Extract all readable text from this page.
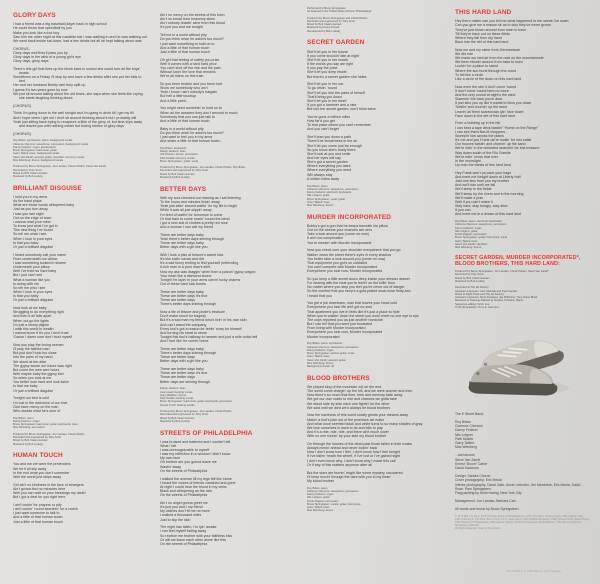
GLORY DAYS
I had a friend was a big baseball player back in high school
He could throw that speedball by you
Make you look like a fool boy
Saw him the other night at this roadside bar I was walking in and he was walking out
We went back inside sat down, had a few drinks but all he kept talking about was
CHORUS:
Glory days well they'll pass you by
Glory days in the wink of a young girl's eye
Glory days, glory days
There's this girl that lives up the block back in school she could turn all the boys' heads
Sometimes on a Friday I'll stop by and have a few drinks after she put her kids to bed
Her and her husband Bobby well they split up
I guess it's two years gone by now
We just sit around talking about the old times, she says when she feels like crying she starts laughing thinking about
(CHORUS)
Think I'm going down to the well tonight and I'm going to drink till I get my fill
And I hope when I get old I don't sit around thinking about it but I probably will
Yeah just sitting back trying to recapture a little of the glory of, but time slips away and leaves you with nothing mister but boring stories of glory days
(CHORUS)
Roy Bittan: synthesizer, piano, background vocals
Clarence Clemons: saxophone, percussion, background vocals
Danny Federici: organ, glockenspiel
Bruce Springsteen: lead vocal, guitar
Garry Tallent: bass, background vocals
Steve Van Zandt: acoustic guitar, mandolin, harmony vocals
Max Weinberg: drums, background vocals
Produced by Bruce Springsteen, Jon Landau, Chuck Plotkin, Steve Van Zandt
Recorded by Toby Scott
Mixed by Bob Clearmountain
Mastered by Bob Ludwig
BRILLIANT DISGUISE
I hold you in my arms
As the band plays
What are those words whispered baby
Just as you turn away
I saw you last night
Out on the edge of town
I wanna read your mind
To know just what I've got in
This new thing I've found
So tell me what I see
When I look in your eyes
Is that you baby
Or just a brilliant disguise
I heard somebody call your name
From underneath our willow
I saw something tucked in shame
Underneath your pillow
Well I've tried so hard baby
But I just can't see
What a woman like you
Is doing with me
So tell me who I see
When I look in your eyes
Is that you baby
Or just a brilliant disguise
Now look at me baby
Struggling to do everything right
And then it all falls apart
When out go the lights
I'm just a lonely pilgrim
I walk this world in wealth
I wanna know if it's you I don't trust
'Cause I damn sure don't trust myself
Now you play the loving woman
I'll play the faithful man
But just don't look too close
Into the palm of my hand
We stood at the altar
The gypsy swore our future was right
But come the wee wee hours
Well maybe baby the gypsy lied
So when you look at me
You better look hard and look twice
Is that me baby
Or just a brilliant disguise
Tonight our bed is cold
I'm lost in the darkness of our love
God have mercy on the man
Who doubts what he's sure of
Roy Bittan: piano
Danny Federici: organ
Bruce Springsteen: lead vocal, guitar, keyboards, bass
Max Weinberg: percussion
Produced by Bruce Springsteen, Jon Landau, Chuck Plotkin
Recorded and engineered by Toby Scott
Mixed by Bob Clearmountain
Mastered by Bob Ludwig
HUMAN TOUCH
You and me we were the pretenders
We let it all slip away
In the end what you don't surrender
Well the world just strips away
Girl ain't no kindness in the face of strangers
Ain't gonna find no miracles here
Well you can wait on your blessings my darlin'
But I got a deal for you right here
I ain't lookin' for prayers or pity
I ain't comin' 'round searchin' for a crutch
I just want someone to talk to
And a little of that human touch
Just a little of that human touch
Ain't no mercy on the streets of this town
Ain't no bread from heavenly skies
Ain't nobody drawin' wine from this blood
It's just you and me tonight
Tell me in a world without pity
Do you think what I'm askin's too much?
I just want something to hold on to
And a little of that human touch
Just a little of that human touch
Oh girl that feeling of safety you prize
Well it comes with a hard hard price
You can't shut off the risk and the pain
Without losin' the love that remains
We're all riders on this train
So you been broken and you been hurt
Show me somebody who ain't
Yeah I know I ain't nobody's bargain
But hell a little touchup
And a little paint...
You might need somethin' to hold on to
When all the answers they don't amount to much
Somebody that you can just talk to
And a little of that human touch
Baby in a world without pity
Do you think what I'm askin's too much?
I just want to feel you in my arms
And share a little of that human touch...
Roy Bittan: keyboards
Randy Jackson: bass
Jeff Porcaro: drums, percussion
Patti Scialfa: harmony vocals
Bruce Springsteen: guitar, vocal
Produced by Bruce Springsteen, Jon Landau, Chuck Plotkin, Roy Bittan
Recorded and engineered by Toby Scott
Mixed by Bob Clearmountain
Mastered by Bob Ludwig
BETTER DAYS
Well my soul checked out missing as I sat listening
To the hours and minutes tickin' away
Yeah just sittin' around waitin' for my life to begin
While it was all just slippin' away
I'm tired of waitin' for tomorrow to come
Or that train to come roarin' 'round the bend
I got a new suit of clothes a pretty red rose
And a woman I can call my friend
These are better days baby
Yeah there's better days shining through
These are better days baby
Better days with a girl like you
Well I took a piss at fortune's sweet kiss
It's like eatin' caviar and dirt
It's a sad funny ending to find yourself pretending
A rich man in a poor man's shirt
Now my ass was draggin' when from a passin' gypsy wagon
Your heart like a diamond shone
Tonight I'm layin' in your arms carvin' lucky charms
Out of these hard luck bones
These are better days baby
These are better days it's true
These are better days
There's better days shining through
Now a life of leisure and pirate's treasure
Don't make much for tragedy
But it's a sad man my friend who's livin' in his own skin
And can't stand the company
Every fool's got a reason for feelin' sorry for himself
And turning his heart to stone
Tonight this fool's halfway to heaven and just a mile outta hell
And I feel like I'm comin' home
These are better days baby
There's better days shining through
These are better days
Better days with a girl like you
These are better days baby
These are better days it's true
These are better days
Better days are shining through
Randy Jackson: bass
Lisa Lowell: backing vocals
Gary Mallaber: drums
Patti Scialfa: backing vocals
Bruce Springsteen: lead vocal, guitar, keyboards, percussion
Soozie Tyrell: backing vocals
Produced by Bruce Springsteen, Jon Landau, Chuck Plotkin
Recorded and engineered by Toby Scott
Mixed by Bob Clearmountain
Mastered by Bob Ludwig
STREETS OF PHILADELPHIA
I was bruised and battered and I couldn't tell
What I felt
I was unrecognizable to myself
I saw my reflection in a window I didn't know
My own face
Oh brother are you gonna leave me
Wastin' away
On the streets of Philadelphia
I walked the avenue till my legs felt like stone
I heard the voices of friends vanished and gone
At night I could hear the blood in my veins
Black and whispering as the rain
On the streets of Philadelphia
Ain't no angel gonna greet me
It's just you and I my friend
My clothes don't fit me no more
I walked a thousand miles
Just to slip the skin
The night has fallen, I'm lyin' awake
I can feel myself fading away
So receive me brother with your faithless kiss
Or will we leave each other alone like this
On the streets of Philadelphia
Performed by Bruce Springsteen
As featured in the TriStar Motion Picture "Philadelphia"
Produced by Bruce Springsteen and Chuck Plotkin
Recorded and engineered by Toby Scott
Mixed by Bob Clearmountain
Mastered by Denny Purcell
Remastered by Bob Ludwig
SECRET GARDEN
She'll let you in her house
If you come knockin' late at night
She'll let you in her mouth
If the words you say are right
If you pay the price
She'll let you deep inside
But there's a secret garden she hides
She'll let you in her car
To go drivin' 'round
She'll let you into the parts of herself
That'll bring you down
She'll let you in her heart
If you got a hammer and a vise
But into her secret garden, don't think twice
You've gone a million miles
How far'd you get
To that place where you can't remember
And you can't forget
She'll lead you down a path
There'll be tenderness in the air
She'll let you come just far enough
So you know she's really there
She'll look at you and smile
And her eyes will say
She's got a secret garden
Where everything you want
Where everything you need
Will always stay
A million miles away
Roy Bittan: piano
Clarence Clemons: saxophone, percussion
Danny Federici: electronic keyboards
Nils Lofgren: guitar
Bruce Springsteen: vocal, guitar
Garry Tallent: bass
Max Weinberg: drums
MURDER INCORPORATED
Bobby's got a gun that he keeps beneath his pillow
Out on the streets your chances are zero
Take a look around you (come on now)
It ain't too complicated
You're messin' with Murder Incorporated
Now you check over your shoulder everywhere that you go
Walkin' down the street there's eyes in every shadow
You better take a look around you (come on now)
That equipment you got's so outdated
You can't compete with Murder Incorporated
Everywhere you look now, Murder Incorporated
So you keep a little secret down deep inside your dresser drawer
For dealing with the heat you're feelin' on the killin' floor
No matter where you step you feel you're never out of danger
So the comfort that you keep's a gold-plated snub-nose thirty-two
I heard that you
You got a job downtown, man that leaves your head cold
Everywhere you look life ain't got no soul
That apartment you live in feels like it's just a place to hide
When you're walkin' down the street you won't meet no one eye to eye
The cops reported you as just another homicide
But I can tell that you were just frustrated
From living with Murder Incorporated
Everywhere you look now, Murder Incorporated
Murder Incorporated
Roy Bittan: piano, synthesizer
Clarence Clemons: saxophone, percussion
Danny Federici: organ
Bruce Springsteen: electric guitar, vocal
Garry Tallent: bass
Steve Van Zandt: acoustic guitar
Max Weinberg: drums
Background vocals: all
BLOOD BROTHERS
We played king of the mountain out on the end
The world come chargin' up the hill, and we were women and men
Now there's so much that time, time and memory fade away
We got our own roads to ride and chances we gotta take
We stood side by side each one fightin' for the other
We said until we died we'd always be blood brothers
Now the hardness of this world slowly grinds your dreams away
Makin' a fool's joke out of the promises we make
And what once seemed black and white turns to so many shades of gray
We lose ourselves in work to do and bills to pay
And it's a ride, ride, ride, and there ain't much cover
With no one runnin' by your side my blood brother
On through the houses of the dead past those fallen in their tracks
Always movin' ahead and never lookin' back
Now I don't know how I feel, I don't know how I feel tonight
If I've fallen 'neath the wheel, if I've lost or I've gained sight
I don't even know why, I don't know why I made this call
Or if any of this matters anymore after all
But the stars are burnin' bright like some mystery uncovered
I'll keep movin' through the dark with you in my heart
My blood brother
Roy Bittan: piano
Clarence Clemons: saxophone, percussion
Danny Federici: organ
Nils Lofgren: guitar
Frank Pagano: percussion
Bruce Springsteen: vocals, guitar, harmonica
Garry Tallent: bass
Max Weinberg: drums
THIS HARD LAND
Hey there mister can you tell me what happened to the seeds I've sown
Can you give me a reason sir as to why they've never grown
They've just blown around from town to town
Till they're back out on these fields
Where they fall from my hand
Back into the dirt of this hard land
Now me and my sister from Germantown
We did ride
We made our bed sir from the rock on the mountainside
We been blowin' around from town to town
Lookin' for a place to stand
Where the sun burst through the cloud
To fall like a circle
Like a circle of fire down on this hard land
Now even the rain it don't come 'round
It don't come 'round here no more
And the only sound at night's the wind
Slammin' the back porch door
It just stirs you up like it wants to blow you down
Twistin' and churnin' up the sand
Leavin' all them scarecrows lyin' face down
Face down in the dirt of this hard land
From a building up in the hill
I can hear a tape deck blastin' "Home on the Range"
I can see them Bar-M choppers
Sweepin' low across the plains
It's me and you Frank we're lookin' for lost cattle
Our hooves twistin' and churnin' up the sand
We're ridin' in the whirlwind searchin' for lost treasure
Way down south of the Rio Grande
We're ridin' 'cross that river
In the moonlight
Up onto the banks of this hard land
Hey Frank won't ya pack your bags
And meet me tonight down at Liberty Hall
Just one kiss from you my brother
And we'll ride until we fall
We'll sleep in the fields
We'll sleep by the rivers and in the morning
We'll make a plan
Well if you can't make it
Stay hard, stay hungry, stay alive
If you can
And meet me in a dream of this hard land
Roy Bittan: piano, electronic keyboards
Clarence Clemons: saxophone, percussion
Danny Federici: organ
Nils Lofgren: guitar
Frank Pagano: percussion
Bruce Springsteen: guitar, harmonica, vocal
Garry Tallent: bass
Steve Van Zandt: mandolin
Max Weinberg: drums
SECRET GARDEN, MURDER INCORPORATED*, BLOOD BROTHERS, THIS HARD LAND:
Produced by Bruce Springsteen, Jon Landau, Chuck Plotkin, Steve Van Zandt*
Recorded by Toby Scott
Mixed by Bob Clearmountain
Mastered by Bob Ludwig
Recorded at The Hit Factory
Assistant engineers: Carl Glanville and Pete Keppler
Mixed at Right Track and The Hit Factory
Assistant engineers: Ryan Freeland, Jay Militscher, Tony Duino Black
Mastered at Gateway Mastering Studios, Portland, Maine
Sequence editing: Victor Lee
Thrill Hill assistant: Terry E. Germann
The E Street Band:
Roy Bittan
Clarence Clemons
Danny Federici
Nils Lofgren
Patti Scialfa
Garry Tallent
Max Weinberg
...and alumni
Steve Van Zandt
Ernest "Boom" Carter
David Sancious
Design: Sandra Choron
Cover photography: Eric Meola
Interior photography: David Gahr, Annie Leibovitz, Jim Marchese, Eric Meola, David Rose, Pam Springsteen
Flag painting by Keith Haring, New York City
Management: Jon Landau, Barbara Carr
All words and music by Bruce Springsteen
© 1974 (Born To Run), 1975 (Thunder Road), 1978 (Badlands), 1979 (The River, Hungry Heart), 1982 (Atlantic City), 1984 (Dancing In The Dark, Born In The U.S.A., Glory Days), 1987 (Brilliant Disguise), 1992 (Human Touch, Better Days), 1994 (Streets Of Philadelphia), 1995 (Secret Garden, Murder Incorporated, Blood Brothers, This Hard Land) Bruce Springsteen (ASCAP)
All Rights Reserved. Used by Permission
CK 67060-2 © 1995 Bruce Springsteen
